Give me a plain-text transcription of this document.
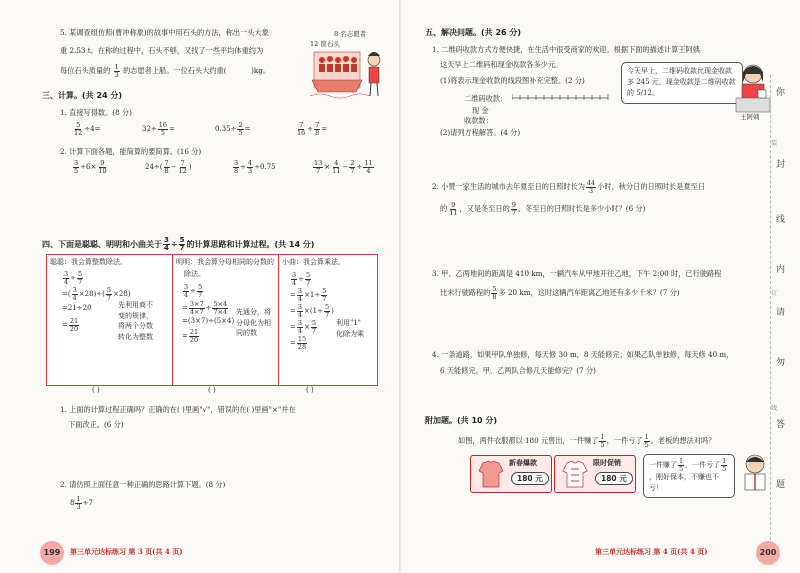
5. 某调查组仿照(曹冲称象)的故事中用石头的方法，称出一头大象
重 2.53 t。在称的过程中，石头不够，又找了一些平均体重约为
每位石头质量的 $\frac{1}{3}$ 的志愿者上船。一位石头大约重(	)kg。
8 名志愿者
12 筐石头
三、计算。(共 24 分)
1. 直接写得数。(8 分)
$\frac{5}{12} \div 4=$	$32\div \frac{16}{5}$ =	$0.35\div \frac{2}{5}$ =	$\frac{7}{16} \div \frac{7}{8}$ =
2. 计算下面各题，能简算的要简算。(16 分)
$\frac{3}{5} \div 6\times \frac{9}{10}$	$24\div( \frac{7}{8} - \frac{7}{12}$ )	$\frac{3}{8} \div \frac{4}{3} \div 0.75$	$\frac{13}{7} \times \frac{4}{11} - \frac{2}{7} \div \frac{11}{4}$
四、下面是聪聪、明明和小曲关于 $\frac{3}{4} \div \frac{5}{7}$ 的计算思路和计算过程。(共 14 分)
聪聪：我会算整数除法。
$\frac{3}{4} \div \frac{5}{7}$
=( $\frac{3}{4} \times 28)\div( \frac{5}{7} \times 28)$
=21÷20
= $\frac{21}{20}$
先利用商不
变的规律，
将两个分数
转化为整数
( )
明明：我会算分母相同的分数的
除法。
$\frac{3}{4} \div \frac{5}{7}$
= $\frac{3\times 7}{4\times 7} \div \frac{5\times 4}{7\times 4}$
=(3×7)÷(5×4)
= $\frac{21}{20}$
先通分，将
分母化为相
同的数
( )
小曲：我会算乘法。
$\frac{3}{4} \div \frac{5}{7}$
= $\frac{3}{4} \times 1\div \frac{5}{7}$
= $\frac{3}{4} \times(1\div \frac{5}{7}$ )
= $\frac{3}{4} \times \frac{5}{7}$
= $\frac{15}{28}$
利用"1"
化除为乘
( )
1. 上面的计算过程正确吗？正确的在( )里画"√"，错误的在( )里画"×"并在
下面改正。(6 分)
2. 请仿照上面任意一种正确的思路计算下题。(8 分)
$8 \frac{1}{3} \div 7$
199	第三单元达标练习 第 3 页(共 4 页)
五、解决问题。(共 26 分)
1. 二维码收款方式方便快捷，在生活中很受商家的欢迎。根据下面的描述计算王阿姨
这天早上二维码和现金收款各多少元。
(1)将表示现金收款的线段图补充完整。(2 分)
二维码收款：
现 金
收款数：
(2)请列方程解答。(4 分)
今天早上，二维码收款比现金收款多 245 元，现金收款是二维码收款的 5/12。
王阿姨
2. 小赞一家生活的城市去年夏至日的日照时长为 $\frac{44}{3}$ 小时，秋分日的日照时长是夏至日
的 $\frac{9}{11}$ ，又是冬至日的 $\frac{9}{7}$ ，冬至日的日照时长是多少小时？(6 分)
3. 甲、乙两地间的距离是 410 km，一辆汽车从甲地开往乙地，下午 2:00 时，已行驶路程
比未行驶路程的 $\frac{5}{8}$ 多 20 km，这时这辆汽车距离乙地还有多少千米？(7 分)
4. 一条道路，如果甲队单独修，每天修 30 m，8 天能修完；如果乙队单独修，每天修 40 m，
6 天能修完。甲、乙两队合修几天能修完？(7 分)
附加题。(共 10 分)
如图，两件衣服都以 180 元售出，一件赚了 $\frac{1}{5}$ ，一件亏了 $\frac{1}{5}$ 。老板的想法对吗？
新春爆款
180 元
限时促销
180 元
一件赚了 $\frac{1}{5}$ ，一件亏了 $\frac{1}{5}$
，刚好保本，不赚也不亏！
第三单元达标练习 第 4 页(共 4 页)	200
你
装
封
线
内
订
请
勿
线
答
题
